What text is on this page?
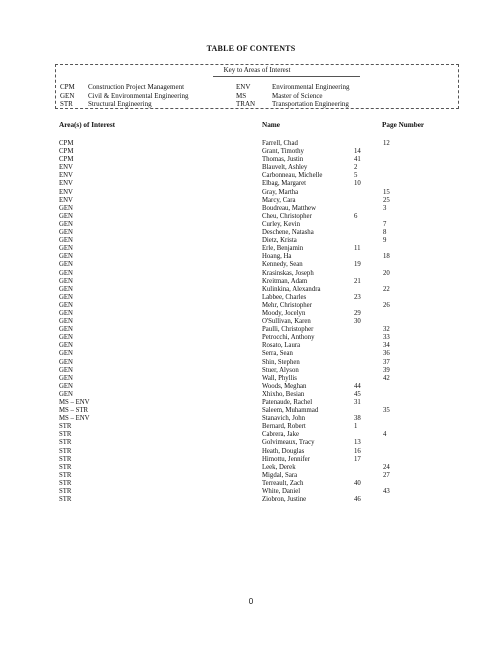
TABLE OF CONTENTS
Key to Areas of Interest
CPM Construction Project Management	ENV	Environmental Engineering
GEN Civil & Environmental Engineering	MS	Master of Science
STR Structural Engineering	TRAN Transportation Engineering
Area(s) of Interest	Name	Page Number
CPM	Farrell, Chad	12
CPM	Grant, Timothy	14
CPM	Thomas, Justin	41
ENV	Blauvelt, Ashley	2
ENV	Carbonneau, Michelle	5
ENV	Elbag, Margaret	10
ENV	Gray, Martha	15
ENV	Marcy, Cara	25
GEN	Boudreau, Matthew	3
GEN	Cheu, Christopher	6
GEN	Curley, Kevin	7
GEN	Deschene, Natasha	8
GEN	Dietz, Krista	9
GEN	Erle, Benjamin	11
GEN	Hoang, Ha	18
GEN	Kennedy, Sean	19
GEN	Krasinskas, Joseph	20
GEN	Kreitman, Adam	21
GEN	Kulinkina, Alexandra	22
GEN	Labbee, Charles	23
GEN	Mehr, Christopher	26
GEN	Moody, Jocelyn	29
GEN	O'Sullivan, Karen	30
GEN	Paulli, Christopher	32
GEN	Petrocchi, Anthony	33
GEN	Rosato, Laura	34
GEN	Serra, Sean	36
GEN	Shin, Stephen	37
GEN	Stuer, Alyson	39
GEN	Wall, Phyllis	42
GEN	Woods, Meghan	44
GEN	Xhixho, Besian	45
MS – ENV	Patenaude, Rachel	31
MS – STR	Saleem, Muhammad	35
MS – ENV	Stanavich, John	38
STR	Bernard, Robert	1
STR	Cabrera, Jake	4
STR	Golvimeaux, Tracy	13
STR	Heath, Douglas	16
STR	Himottu, Jennifer	17
STR	Leek, Derek	24
STR	Migdal, Sara	27
STR	Terreault, Zach	40
STR	White, Daniel	43
STR	Ziobron, Justine	46
0
